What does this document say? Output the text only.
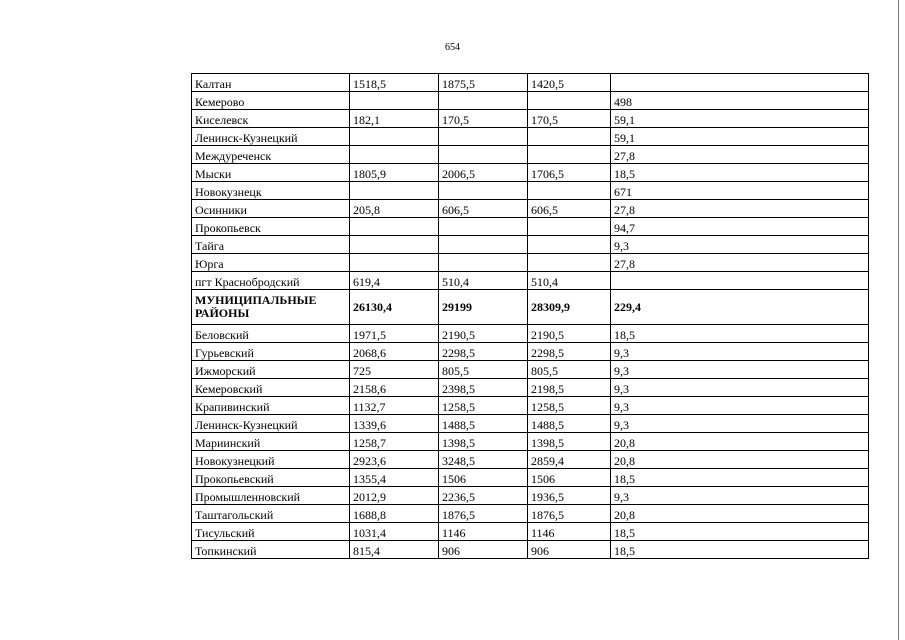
654
Калтан	1518,5	1875,5	1420,5	
Кемерово				498
Киселевск	182,1	170,5	170,5	59,1
Ленинск-Кузнецкий				59,1
Междуреченск				27,8
Мыски	1805,9	2006,5	1706,5	18,5
Новокузнецк				671
Осинники	205,8	606,5	606,5	27,8
Прокопьевск				94,7
Тайга				9,3
Юрга				27,8
пгт Краснобродский	619,4	510,4	510,4	
МУНИЦИПАЛЬНЫЕ РАЙОНЫ	26130,4	29199	28309,9	229,4
Беловский	1971,5	2190,5	2190,5	18,5
Гурьевский	2068,6	2298,5	2298,5	9,3
Ижморский	725	805,5	805,5	9,3
Кемеровский	2158,6	2398,5	2198,5	9,3
Крапивинский	1132,7	1258,5	1258,5	9,3
Ленинск-Кузнецкий	1339,6	1488,5	1488,5	9,3
Мариинский	1258,7	1398,5	1398,5	20,8
Новокузнецкий	2923,6	3248,5	2859,4	20,8
Прокопьевский	1355,4	1506	1506	18,5
Промышленновский	2012,9	2236,5	1936,5	9,3
Таштагольский	1688,8	1876,5	1876,5	20,8
Тисульский	1031,4	1146	1146	18,5
Топкинский	815,4	906	906	18,5
